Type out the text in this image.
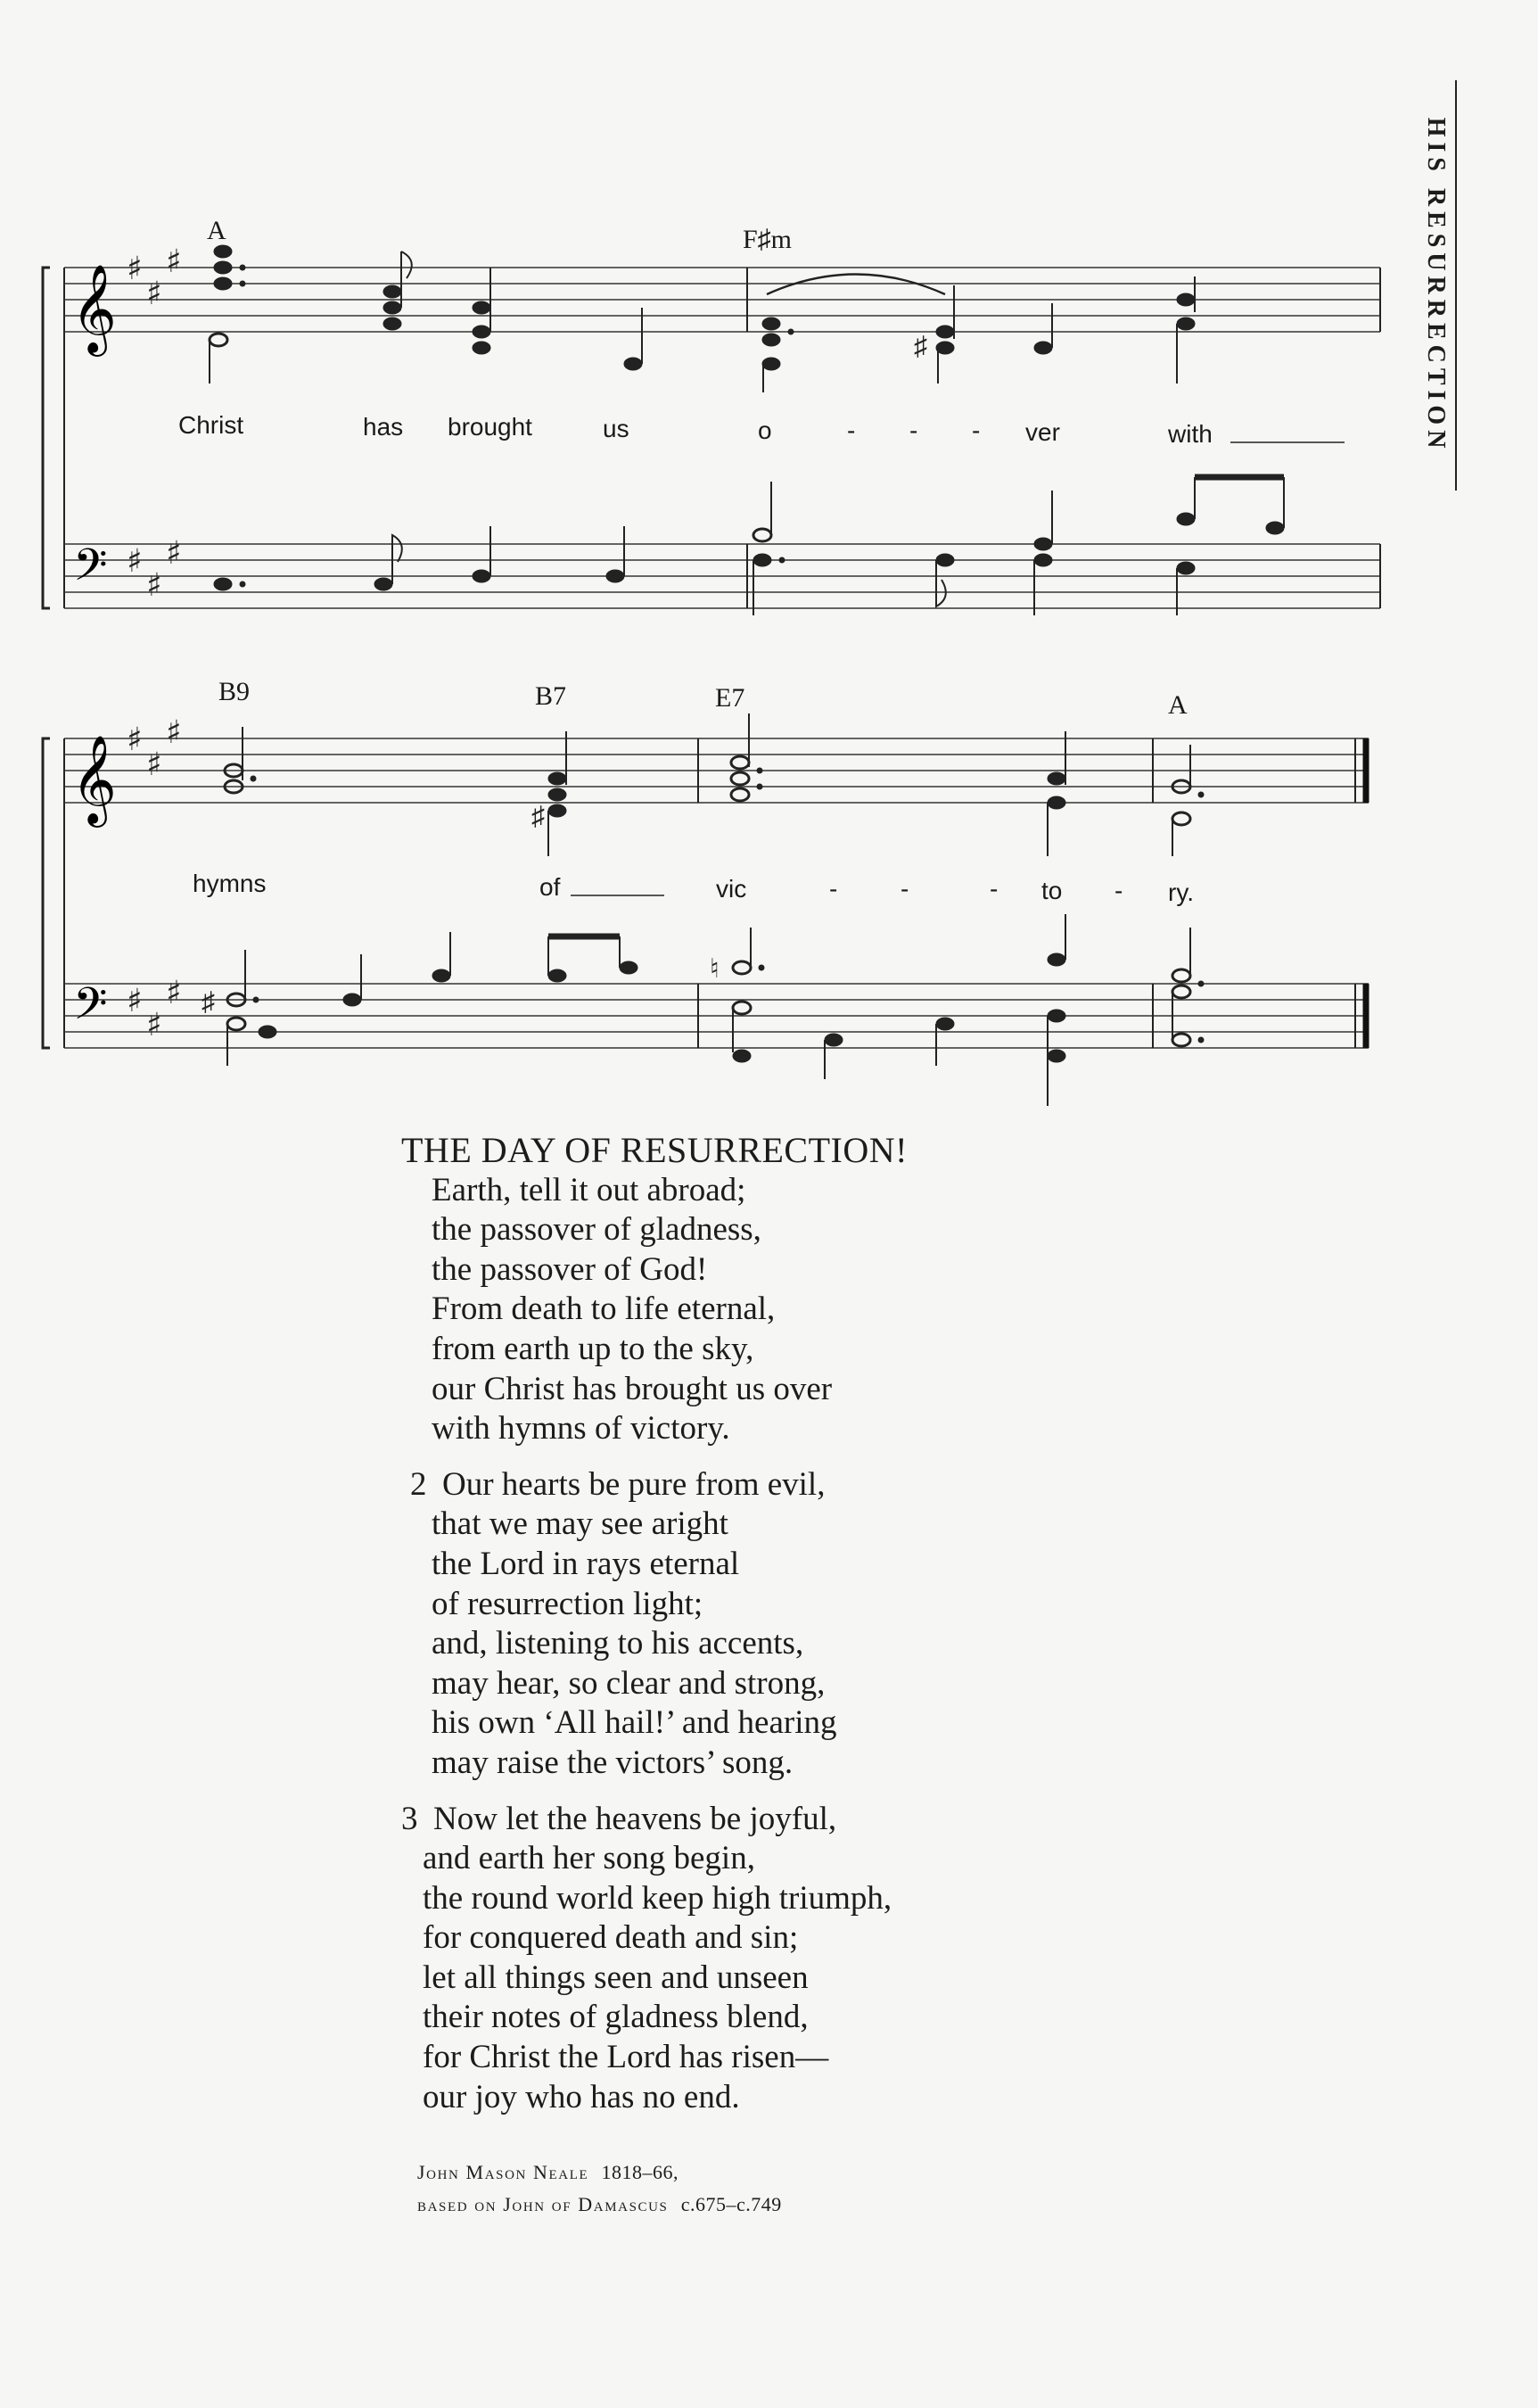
HIS RESURRECTION
𝄞
𝄢
♯
♯
♯
♯
♯
♯
♯
A	F♯m
Christ	has brought	us	o	- - - ver	with
𝄞
𝄢
♯
♯
♯
♯
♯
♯
♯
♯
♮
B9	B7	E7	A
hymns	of	vic	-	-	- to - ry.
THE DAY OF RESURRECTION!
Earth, tell it out abroad;
the passover of gladness,
the passover of God!
From death to life eternal,
from earth up to the sky,
our Christ has brought us over
with hymns of victory.
2 Our hearts be pure from evil,
that we may see aright
the Lord in rays eternal
of resurrection light;
and, listening to his accents,
may hear, so clear and strong,
his own ‘All hail!’ and hearing
may raise the victors’ song.
3 Now let the heavens be joyful,
and earth her song begin,
the round world keep high triumph,
for conquered death and sin;
let all things seen and unseen
their notes of gladness blend,
for Christ the Lord has risen—
our joy who has no end.
John Mason Neale 1818–66,
based on John of Damascus c.675–c.749
